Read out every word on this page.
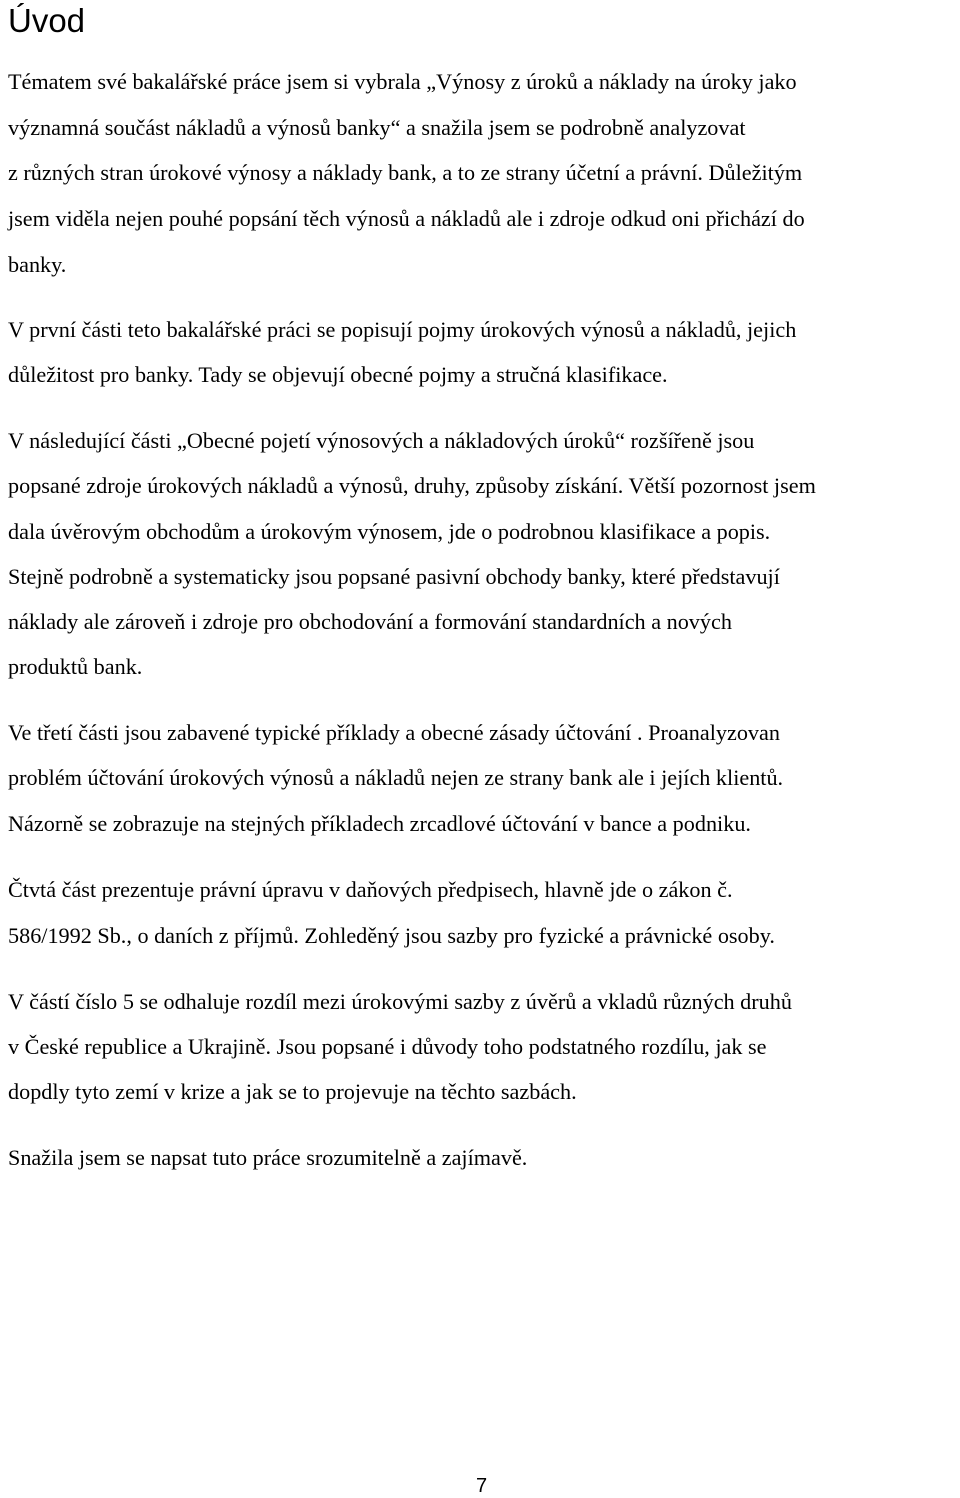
Úvod

Tématem své bakalářské práce jsem si vybrala „Výnosy z úroků a náklady na úroky jako

významná součást nákladů a výnosů banky“ a snažila jsem se podrobně analyzovat

z různých stran úrokové výnosy a náklady bank, a to ze strany účetní a právní. Důležitým

jsem viděla nejen pouhé popsání těch výnosů a nákladů ale i zdroje odkud oni přichází do

banky.

V první části teto bakalářské práci se popisují pojmy úrokových výnosů a nákladů, jejich

důležitost pro banky. Tady se objevují obecné pojmy a stručná klasifikace.

V následující části „Obecné pojetí výnosových a nákladových úroků“ rozšířeně jsou

popsané zdroje úrokových nákladů a výnosů, druhy, způsoby získání. Větší pozornost jsem

dala úvěrovým obchodům a úrokovým výnosem, jde o podrobnou klasifikace a popis.

Stejně podrobně a systematicky jsou popsané pasivní obchody banky, které představují

náklady ale zároveň i zdroje pro obchodování a formování standardních a nových

produktů bank.

Ve třetí části jsou zabavené typické příklady a obecné zásady účtování . Proanalyzovan

problém účtování úrokových výnosů a nákladů nejen ze strany bank ale i jejích klientů.

Názorně se zobrazuje na stejných příkladech zrcadlové účtování v bance a podniku.

Čtvtá část prezentuje právní úpravu v daňových předpisech, hlavně jde o zákon č.

586/1992 Sb., o daních z příjmů. Zohleděný jsou sazby pro fyzické a právnické osoby.

V částí číslo 5 se odhaluje rozdíl mezi úrokovými sazby z úvěrů a vkladů různých druhů

v České republice a Ukrajině. Jsou popsané i důvody toho podstatného rozdílu, jak se

dopdly tyto zemí v krize a jak se to projevuje na těchto sazbách.

Snažila jsem se napsat tuto práce srozumitelně a zajímavě.

7
